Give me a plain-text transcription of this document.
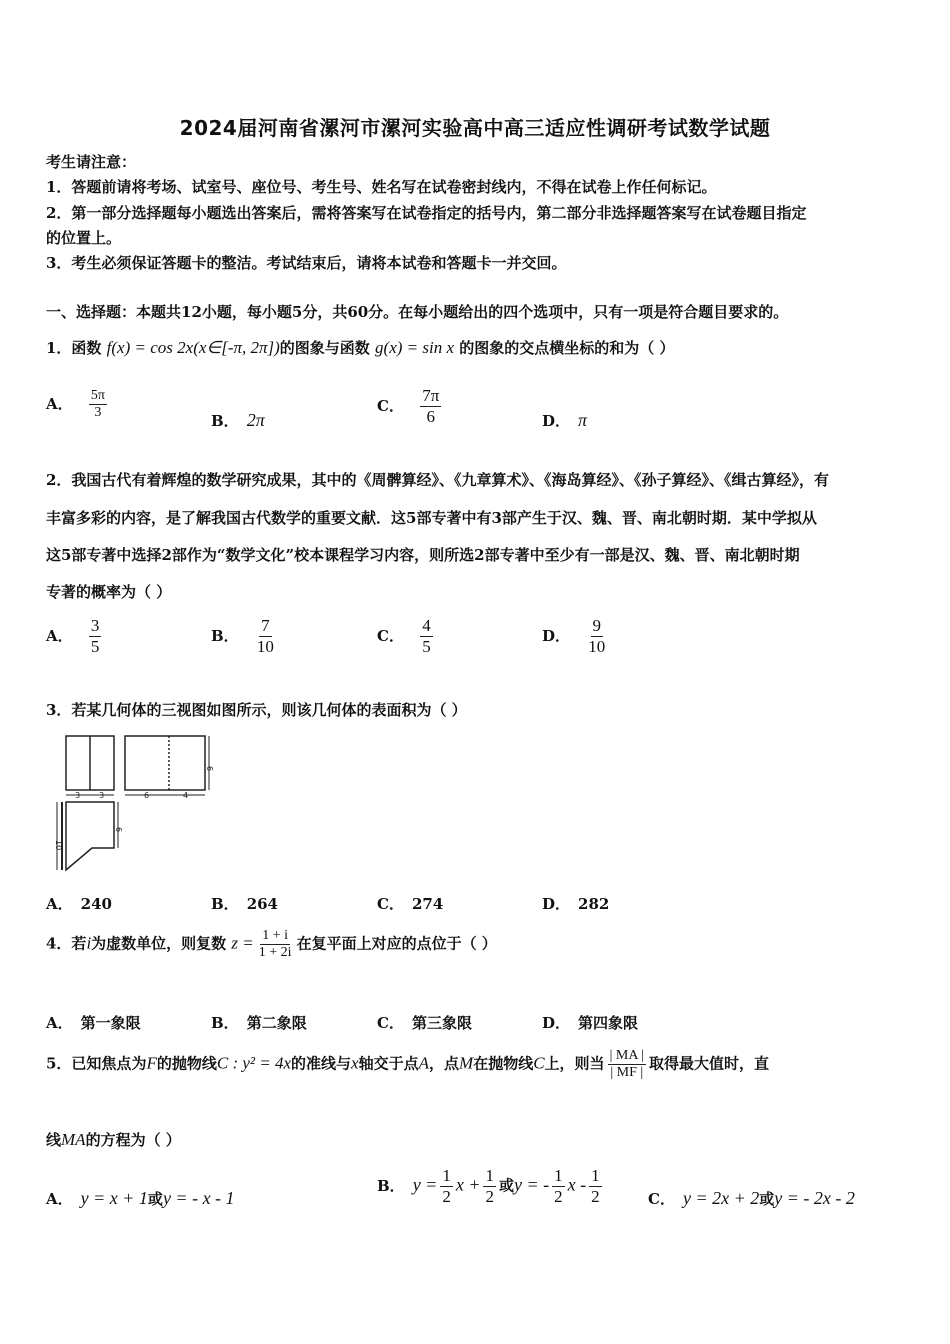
2024届河南省漯河市漯河实验高中高三适应性调研考试数学试题
考生请注意：
1．答题前请将考场、试室号、座位号、考生号、姓名写在试卷密封线内，不得在试卷上作任何标记。
2．第一部分选择题每小题选出答案后，需将答案写在试卷指定的括号内，第二部分非选择题答案写在试卷题目指定
的位置上。
3．考生必须保证答题卡的整洁。考试结束后，请将本试卷和答题卡一并交回。
一、选择题：本题共12小题，每小题5分，共60分。在每小题给出的四个选项中，只有一项是符合题目要求的。
1．函数 f(x) = cos 2x(x∈[-π, 2π])的图象与函数 g(x) = sin x 的图象的交点横坐标的和为（ ）
A． $\frac{5\pi}{3}$	B． 2π
C． $\frac{7\pi}{6}$	D． π
2．我国古代有着辉煌的数学研究成果，其中的《周髀算经》、《九章算术》、《海岛算经》、《孙子算经》、《缉古算经》，有
丰富多彩的内容，是了解我国古代数学的重要文献．这5部专著中有3部产生于汉、魏、晋、南北朝时期．某中学拟从
这5部专著中选择2部作为“数学文化”校本课程学习内容，则所选2部专著中至少有一部是汉、魏、晋、南北朝时期
专著的概率为（ ）
A． $\frac{3}{5}$	B． $\frac{7}{10}$	C． $\frac{4}{5}$	D． $\frac{9}{10}$
3．若某几何体的三视图如图所示，则该几何体的表面积为（ ）
3 3	6	4
6
10
6
A． 240	B． 264	C． 274	D． 282
4．若i为虚数单位，则复数 $z = \frac{1 + i}{1 + 2i}$ 在复平面上对应的点位于（ ）
A． 第一象限	B． 第二象限	C． 第三象限	D． 第四象限
5．已知焦点为F的抛物线C : y² = 4x的准线与x轴交于点A，点M在抛物线C上，则当 $\frac{| MA |}{| MF |}$ 取得最大值时，直
线MA的方程为（ ）
A． y = x + 1或y = - x - 1
B． $y = \frac{1}{2}$ $x + \frac{1}{2}$ 或y = - $\frac{1}{2}$ x - $\frac{1}{2}$	C． y = 2x + 2或y = - 2x - 2
